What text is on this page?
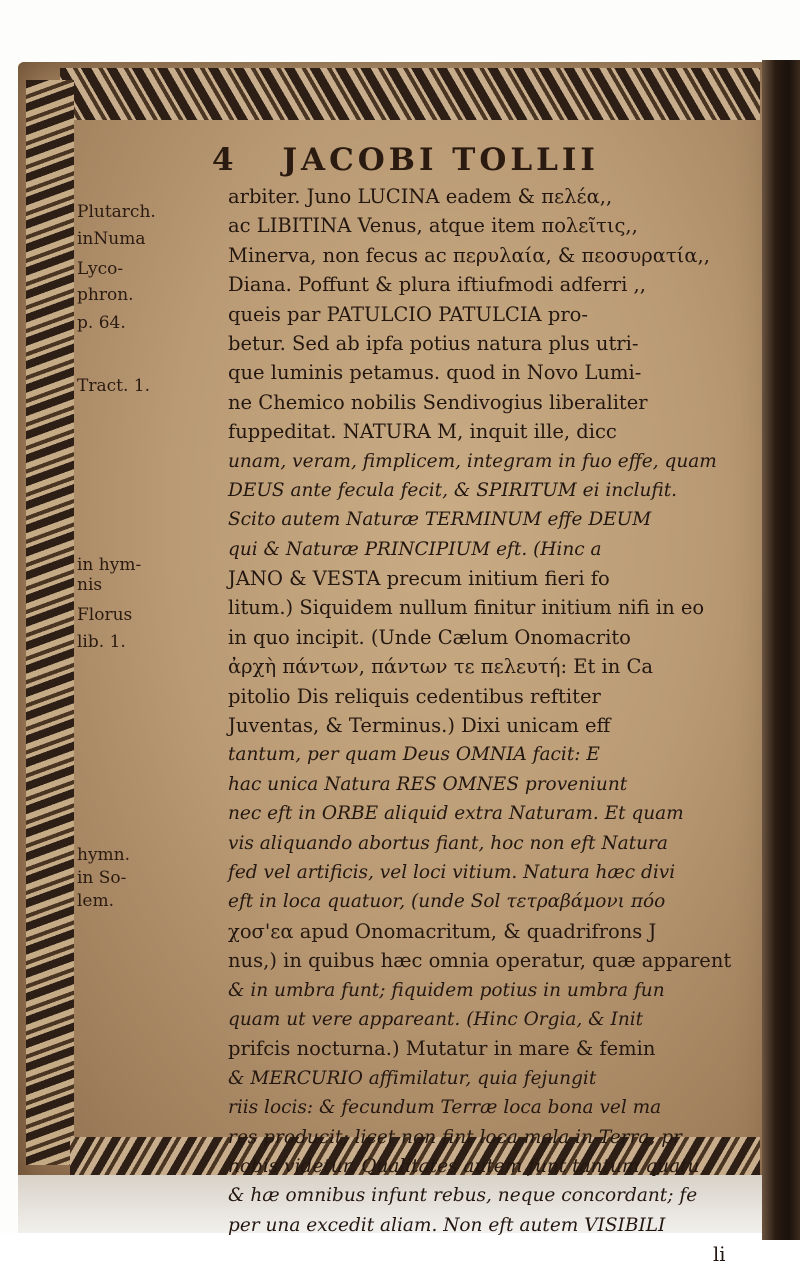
4 JACOBI TOLLII
Plutarch.
inNuma
Lyco-
phron.
p. 64.
Tract. 1.
in hym-
nis
Florus
lib. 1.
hymn.
in So-
lem.
arbiter. Juno LUCINA eadem & πελέα,,
ac LIBITINA Venus, atque item πολεῖτις,,
Minerva, non fecus ac περυλαία, & πεοσυρατία,,
Diana. Poffunt & plura iftiufmodi adferri ,,
queis par PATULCIO PATULCIA pro-
betur. Sed ab ipfa potius natura plus utri-
que luminis petamus. quod in Novo Lumi-
ne Chemico nobilis Sendivogius liberaliter
fuppeditat. NATURA M, inquit ille, dicc
unam, veram, fimplicem, integram in fuo effe, quam
DEUS ante fecula fecit, & SPIRITUM ei inclufit.
Scito autem Naturæ TERMINUM effe DEUM
qui & Naturæ PRINCIPIUM eft. (Hinc a
JANO & VESTA precum initium fieri fo
litum.) Siquidem nullum finitur initium nifi in eo
in quo incipit. (Unde Cælum Onomacrito
ἀρχὴ πάντων, πάντων τε πελευτή: Et in Ca
pitolio Dis reliquis cedentibus reftiter
Juventas, & Terminus.) Dixi unicam eff
tantum, per quam Deus OMNIA facit: E
hac unica Natura RES OMNES proveniunt
nec eft in ORBE aliquid extra Naturam. Et quam
vis aliquando abortus fiant, hoc non eft Natura
fed vel artificis, vel loci vitium. Natura hæc divi
eft in loca quatuor, (unde Sol τετραβάμονι πόο
χοσ'εα apud Onomacritum, & quadrifrons J
nus,) in quibus hæc omnia operatur, quæ apparent
& in umbra funt; fiquidem potius in umbra fun
quam ut vere appareant. (Hinc Orgia, & Init
prifcis nocturna.) Mutatur in mare & femin
& MERCURIO affimilatur, quia fejungit
riis locis: & fecundum Terræ loca bona vel ma
res producit; licet non fint loca mala in Terra, pr
nobis videtur. Qualitates autem funt tantum quatu
& hæ omnibus infunt rebus, neque concordant; fe
per una excedit aliam. Non eft autem VISIBILI
li
